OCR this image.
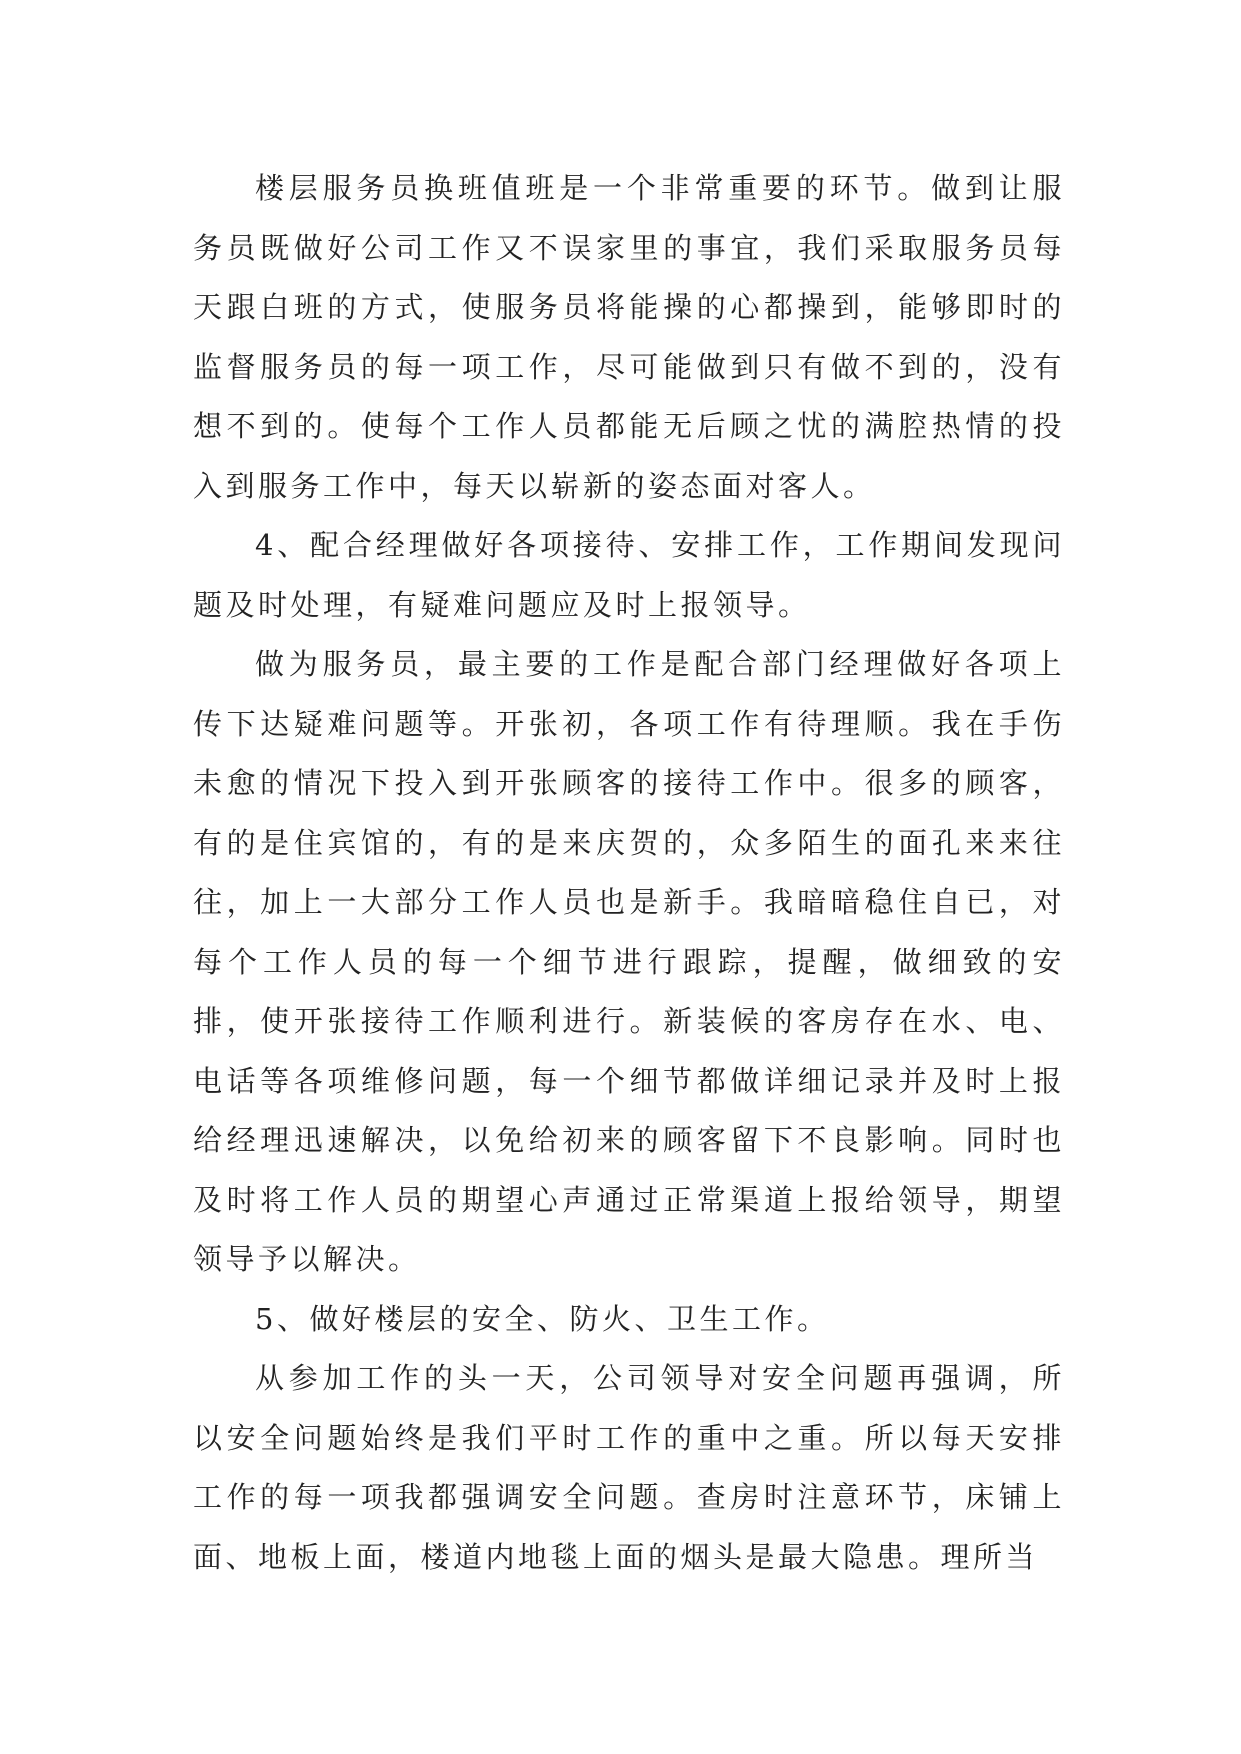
楼层服务员换班值班是一个非常重要的环节。做到让服务员既做好公司工作又不误家里的事宜，我们采取服务员每天跟白班的方式，使服务员将能操的心都操到，能够即时的监督服务员的每一项工作，尽可能做到只有做不到的，没有想不到的。使每个工作人员都能无后顾之忧的满腔热情的投入到服务工作中，每天以崭新的姿态面对客人。

4、配合经理做好各项接待、安排工作，工作期间发现问题及时处理，有疑难问题应及时上报领导。

做为服务员，最主要的工作是配合部门经理做好各项上传下达疑难问题等。开张初，各项工作有待理顺。我在手伤未愈的情况下投入到开张顾客的接待工作中。很多的顾客，有的是住宾馆的，有的是来庆贺的，众多陌生的面孔来来往往，加上一大部分工作人员也是新手。我暗暗稳住自已，对每个工作人员的每一个细节进行跟踪，提醒，做细致的安排，使开张接待工作顺利进行。新装候的客房存在水、电、电话等各项维修问题，每一个细节都做详细记录并及时上报给经理迅速解决，以免给初来的顾客留下不良影响。同时也及时将工作人员的期望心声通过正常渠道上报给领导，期望领导予以解决。

5、做好楼层的安全、防火、卫生工作。

从参加工作的头一天，公司领导对安全问题再强调，所以安全问题始终是我们平时工作的重中之重。所以每天安排工作的每一项我都强调安全问题。查房时注意环节，床铺上面、地板上面，楼道内地毯上面的烟头是最大隐患。理所当
